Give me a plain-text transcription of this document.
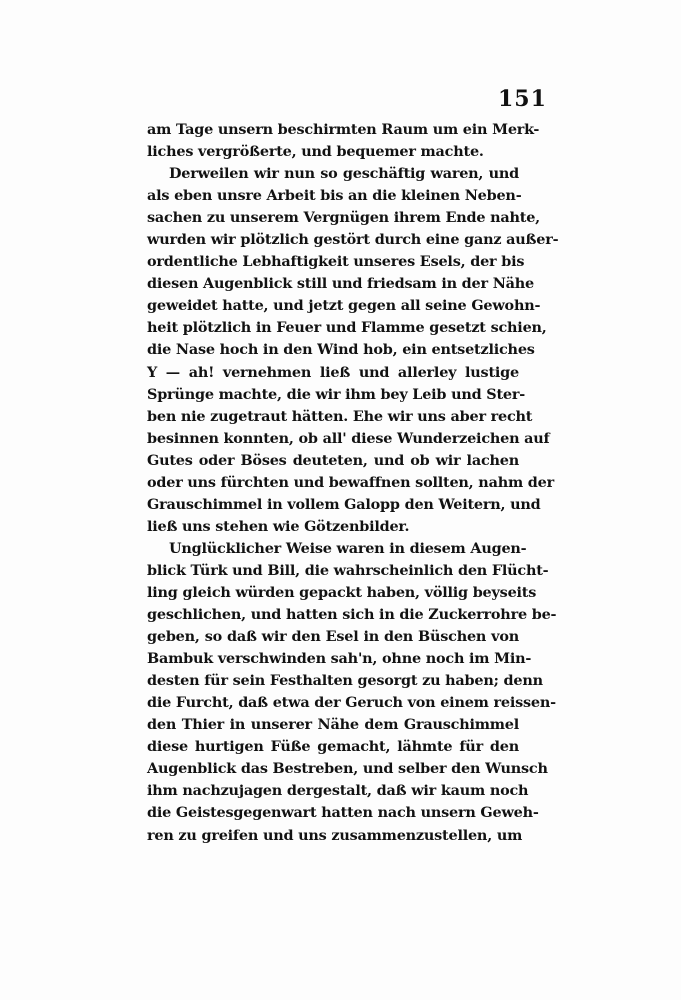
151
am Tage unsern beschirmten Raum um ein Merk-
liches vergrößerte, und bequemer machte.
Derweilen wir nun so geschäftig waren, und
als eben unsre Arbeit bis an die kleinen Neben-
sachen zu unserem Vergnügen ihrem Ende nahte,
wurden wir plötzlich gestört durch eine ganz außer-
ordentliche Lebhaftigkeit unseres Esels, der bis
diesen Augenblick still und friedsam in der Nähe
geweidet hatte, und jetzt gegen all seine Gewohn-
heit plötzlich in Feuer und Flamme gesetzt schien,
die Nase hoch in den Wind hob, ein entsetzliches
Y — ah! vernehmen ließ und allerley lustige
Sprünge machte, die wir ihm bey Leib und Ster-
ben nie zugetraut hätten. Ehe wir uns aber recht
besinnen konnten, ob all' diese Wunderzeichen auf
Gutes oder Böses deuteten, und ob wir lachen
oder uns fürchten und bewaffnen sollten, nahm der
Grauschimmel in vollem Galopp den Weitern, und
ließ uns stehen wie Götzenbilder.
Unglücklicher Weise waren in diesem Augen-
blick Türk und Bill, die wahrscheinlich den Flücht-
ling gleich würden gepackt haben, völlig beyseits
geschlichen, und hatten sich in die Zuckerrohre be-
geben, so daß wir den Esel in den Büschen von
Bambuk verschwinden sah'n, ohne noch im Min-
desten für sein Festhalten gesorgt zu haben; denn
die Furcht, daß etwa der Geruch von einem reissen-
den Thier in unserer Nähe dem Grauschimmel
diese hurtigen Füße gemacht, lähmte für den
Augenblick das Bestreben, und selber den Wunsch
ihm nachzujagen dergestalt, daß wir kaum noch
die Geistesgegenwart hatten nach unsern Geweh-
ren zu greifen und uns zusammenzustellen, um
